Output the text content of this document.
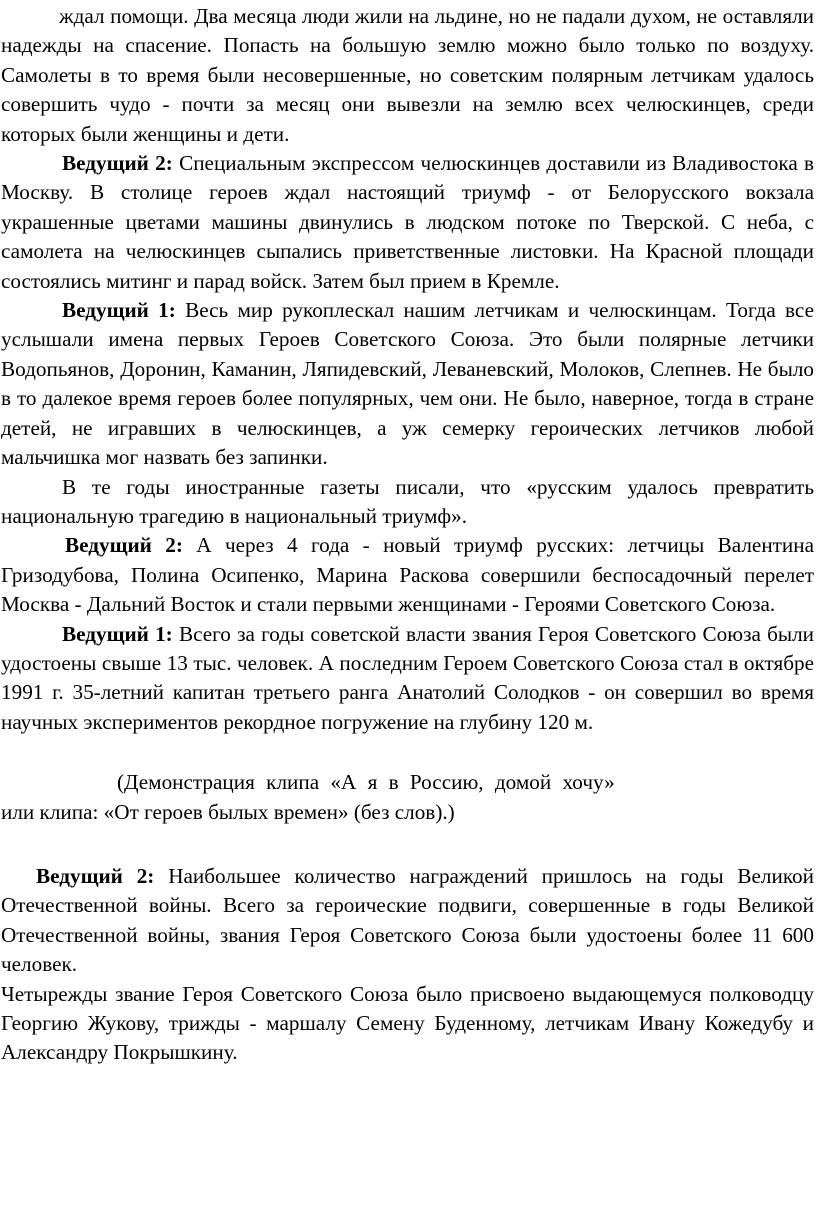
ждал помощи. Два месяца люди жили на льдине, но не падали духом, не оставляли надежды на спасение. Попасть на большую землю можно было только по воздуху. Самолеты в то время были несовершенные, но советским полярным летчикам удалось совершить чудо - почти за месяц они вывезли на землю всех челюскинцев, среди которых были женщины и дети.

Ведущий 2: Специальным экспрессом челюскинцев доставили из Владивостока в Москву. В столице героев ждал настоящий триумф - от Белорусского вокзала украшенные цветами машины двинулись в людском потоке по Тверской. С неба, с самолета на челюскинцев сыпались приветственные листовки. На Красной площади состоялись митинг и парад войск. Затем был прием в Кремле.

Ведущий 1: Весь мир рукоплескал нашим летчикам и челюскинцам. Тогда все услышали имена первых Героев Советского Союза. Это были полярные летчики Водопьянов, Доронин, Каманин, Ляпидевский, Леваневский, Молоков, Слепнев. Не было в то далекое время героев более популярных, чем они. Не было, наверное, тогда в стране детей, не игравших в челюскинцев, а уж семерку героических летчиков любой мальчишка мог назвать без запинки.

В те годы иностранные газеты писали, что «русским удалось превратить национальную трагедию в национальный триумф».

Ведущий 2: А через 4 года - новый триумф русских: летчицы Валентина Гризодубова, Полина Осипенко, Марина Раскова совершили беспосадочный перелет Москва - Дальний Восток и стали первыми женщинами - Героями Советского Союза.

Ведущий 1: Всего за годы советской власти звания Героя Советского Союза были удостоены свыше 13 тыс. человек. А последним Героем Советского Союза стал в октябре 1991 г. 35-летний капитан третьего ранга Анатолий Солодков - он совершил во время научных экспериментов рекордное погружение на глубину 120 м.

(Демонстрация клипа «А я в Россию, домой хочу»
или клипа: «От героев былых времен» (без слов).)

Ведущий 2: Наибольшее количество награждений пришлось на годы Великой Отечественной войны. Всего за героические подвиги, совершенные в годы Великой Отечественной войны, звания Героя Советского Союза были удостоены более 11 600 человек.

Четырежды звание Героя Советского Союза было присвоено выдающемуся полководцу Георгию Жукову, трижды - маршалу Семену Буденному, летчикам Ивану Кожедубу и Александру Покрышкину.
